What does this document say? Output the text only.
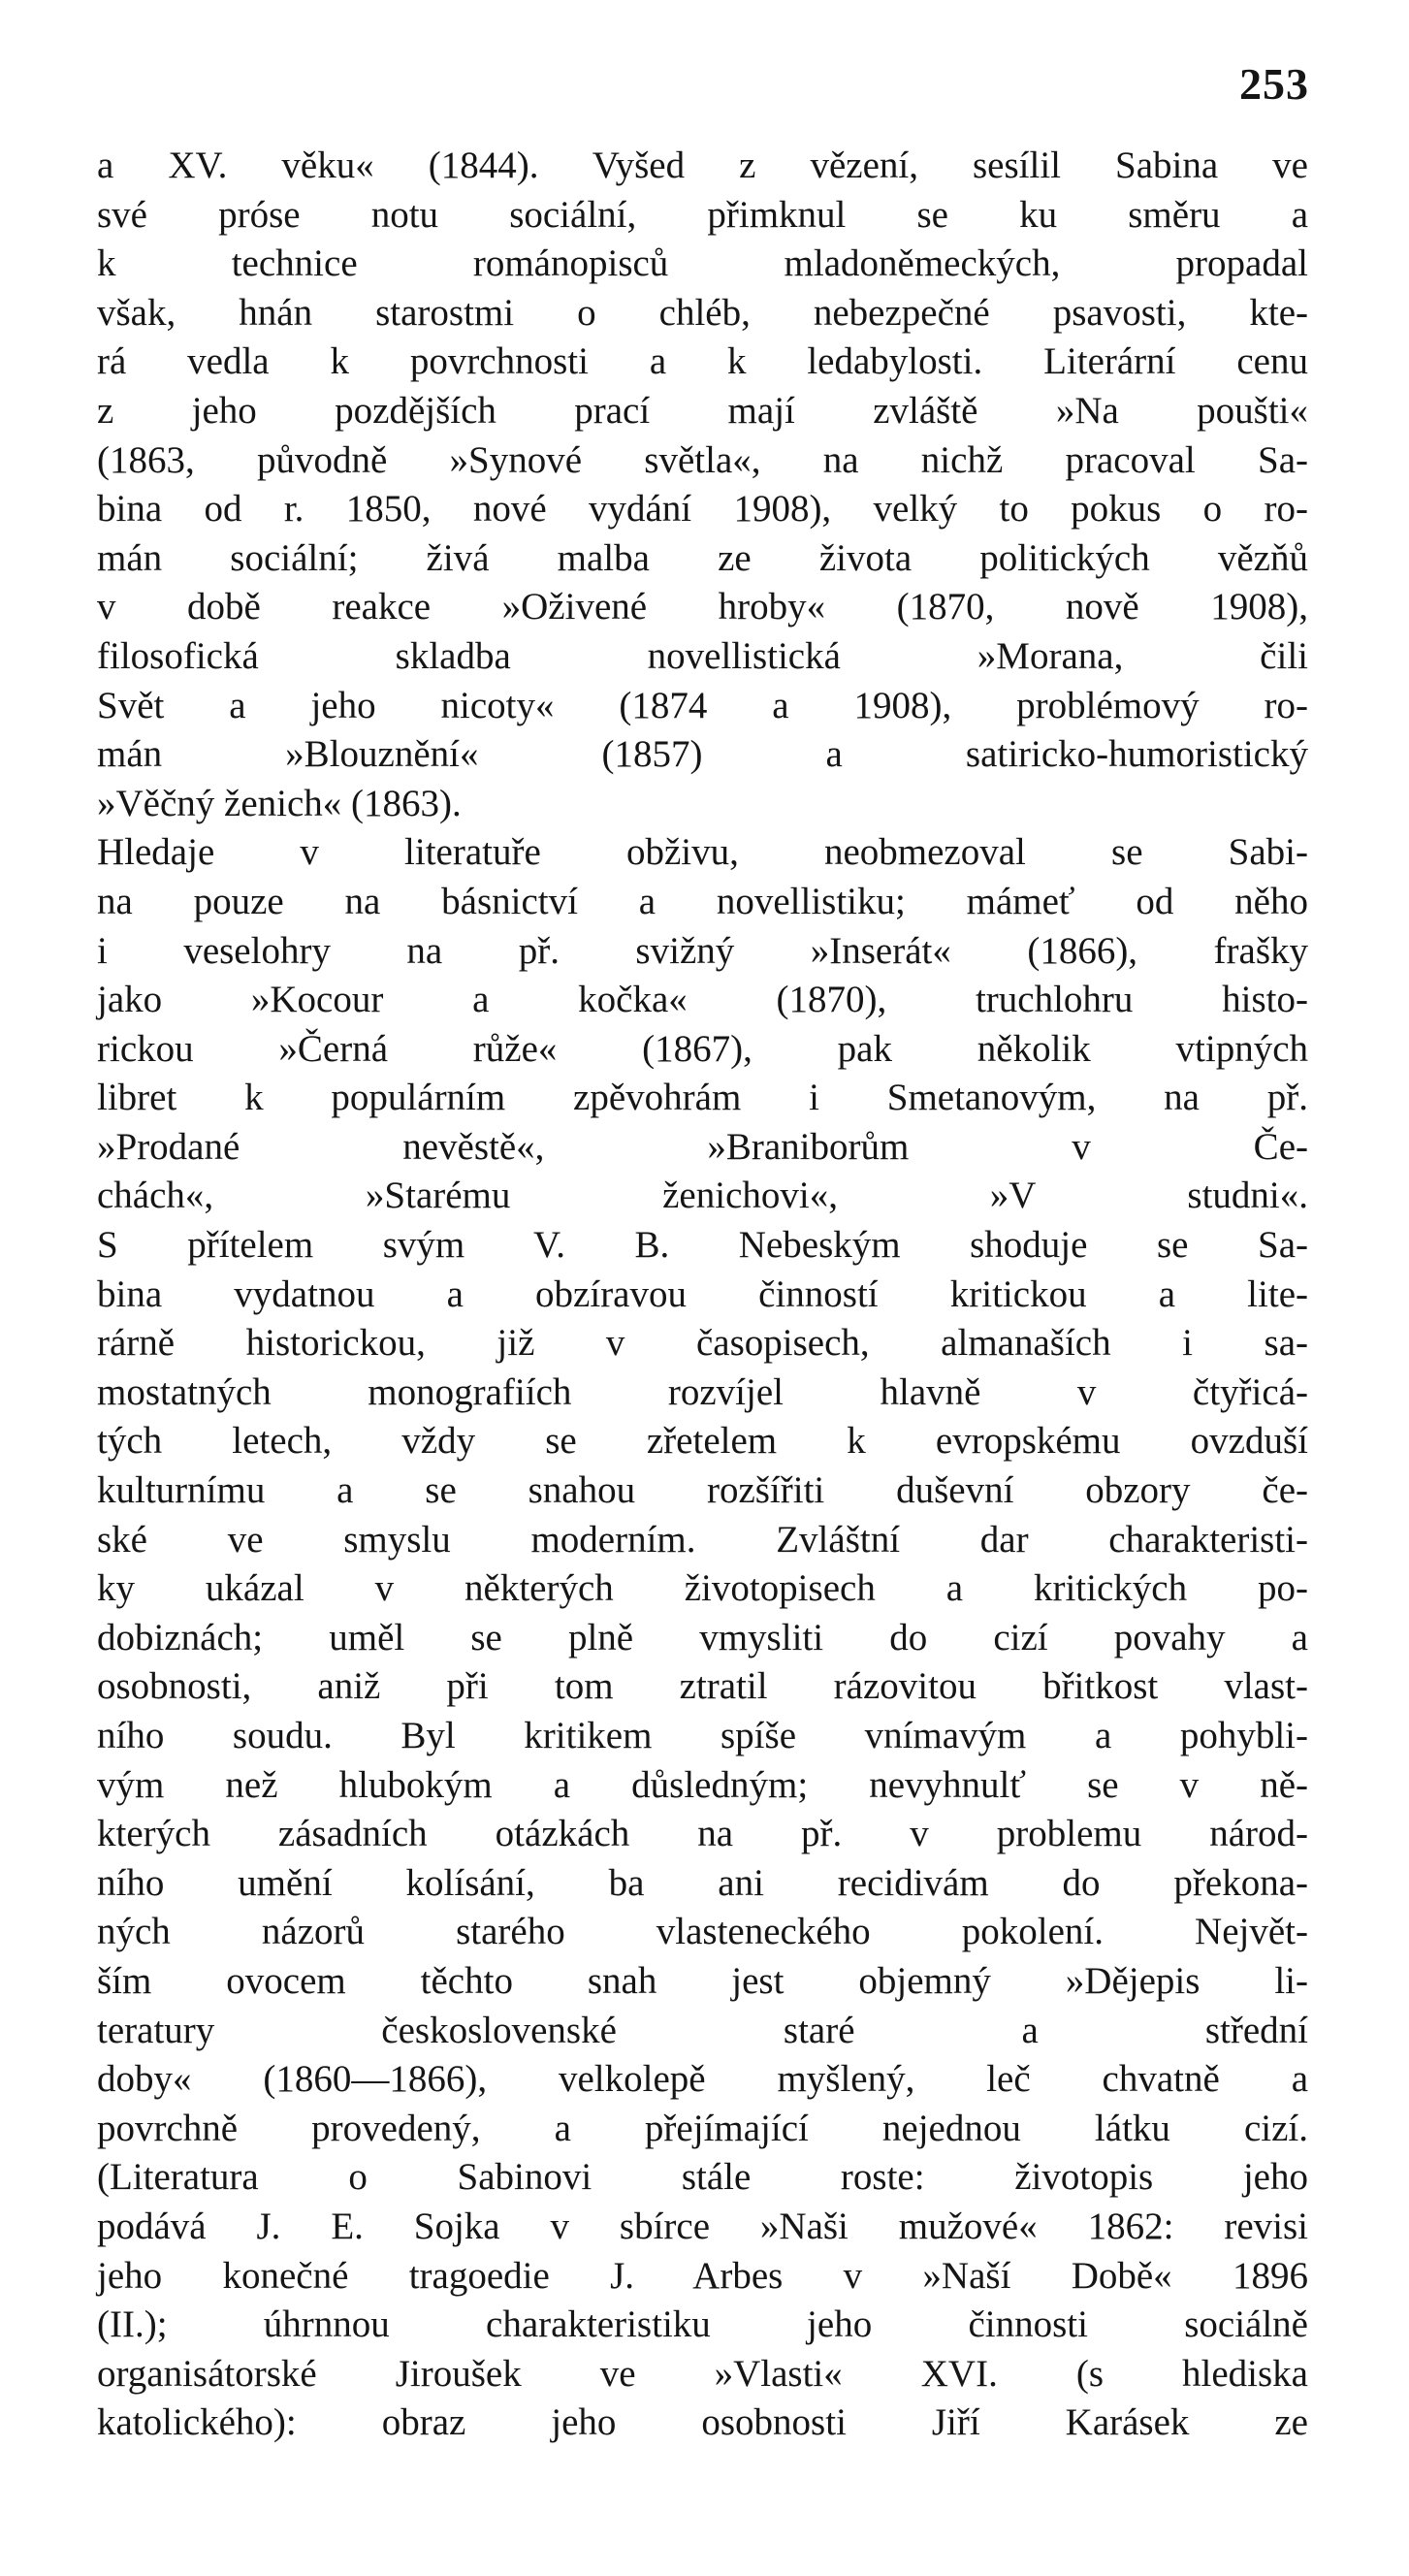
253
a XV. věku« (1844). Vyšed z vězení, sesílil Sabina ve
své próse notu sociální, přimknul se ku směru a
k technice románopisců mladoněmeckých, propadal
však, hnán starostmi o chléb, nebezpečné psavosti, kte-
rá vedla k povrchnosti a k ledabylosti. Literární cenu
z jeho pozdějších prací mají zvláště »Na poušti«
(1863, původně »Synové světla«, na nichž pracoval Sa-
bina od r. 1850, nové vydání 1908), velký to pokus o ro-
mán sociální; živá malba ze života politických vězňů
v době reakce »Oživené hroby« (1870, nově 1908),
filosofická skladba novellistická »Morana, čili
Svět a jeho nicoty« (1874 a 1908), problémový ro-
mán »Blouznění« (1857) a satiricko-humoristický
»Věčný ženich« (1863).
Hledaje v literatuře obživu, neobmezoval se Sabi-
na pouze na básnictví a novellistiku; mámeť od něho
i veselohry na př. svižný »Inserát« (1866), frašky
jako »Kocour a kočka« (1870), truchlohru histo-
rickou »Černá růže« (1867), pak několik vtipných
libret k populárním zpěvohrám i Smetanovým, na př.
»Prodané nevěstě«, »Braniborům v Če-
chách«, »Starému ženichovi«, »V studni«.
S přítelem svým V. B. Nebeským shoduje se Sa-
bina vydatnou a obzíravou činností kritickou a lite-
rárně historickou, již v časopisech, almanaších i sa-
mostatných monografiích rozvíjel hlavně v čtyřicá-
tých letech, vždy se zřetelem k evropskému ovzduší
kulturnímu a se snahou rozšířiti duševní obzory če-
ské ve smyslu moderním. Zvláštní dar charakteristi-
ky ukázal v některých životopisech a kritických po-
dobiznách; uměl se plně vmysliti do cizí povahy a
osobnosti, aniž při tom ztratil rázovitou břitkost vlast-
ního soudu. Byl kritikem spíše vnímavým a pohybli-
vým než hlubokým a důsledným; nevyhnulť se v ně-
kterých zásadních otázkách na př. v problemu národ-
ního umění kolísání, ba ani recidivám do překona-
ných názorů starého vlasteneckého pokolení. Největ-
ším ovocem těchto snah jest objemný »Dějepis li-
teratury československé staré a střední
doby« (1860—1866), velkolepě myšlený, leč chvatně a
povrchně provedený, a přejímající nejednou látku cizí.
(Literatura o Sabinovi stále roste: životopis jeho
podává J. E. Sojka v sbírce »Naši mužové« 1862: revisi
jeho konečné tragoedie J. Arbes v »Naší Době« 1896
(II.); úhrnnou charakteristiku jeho činnosti sociálně
organisátorské Jiroušek ve »Vlasti« XVI. (s hlediska
katolického): obraz jeho osobnosti Jiří Karásek ze
